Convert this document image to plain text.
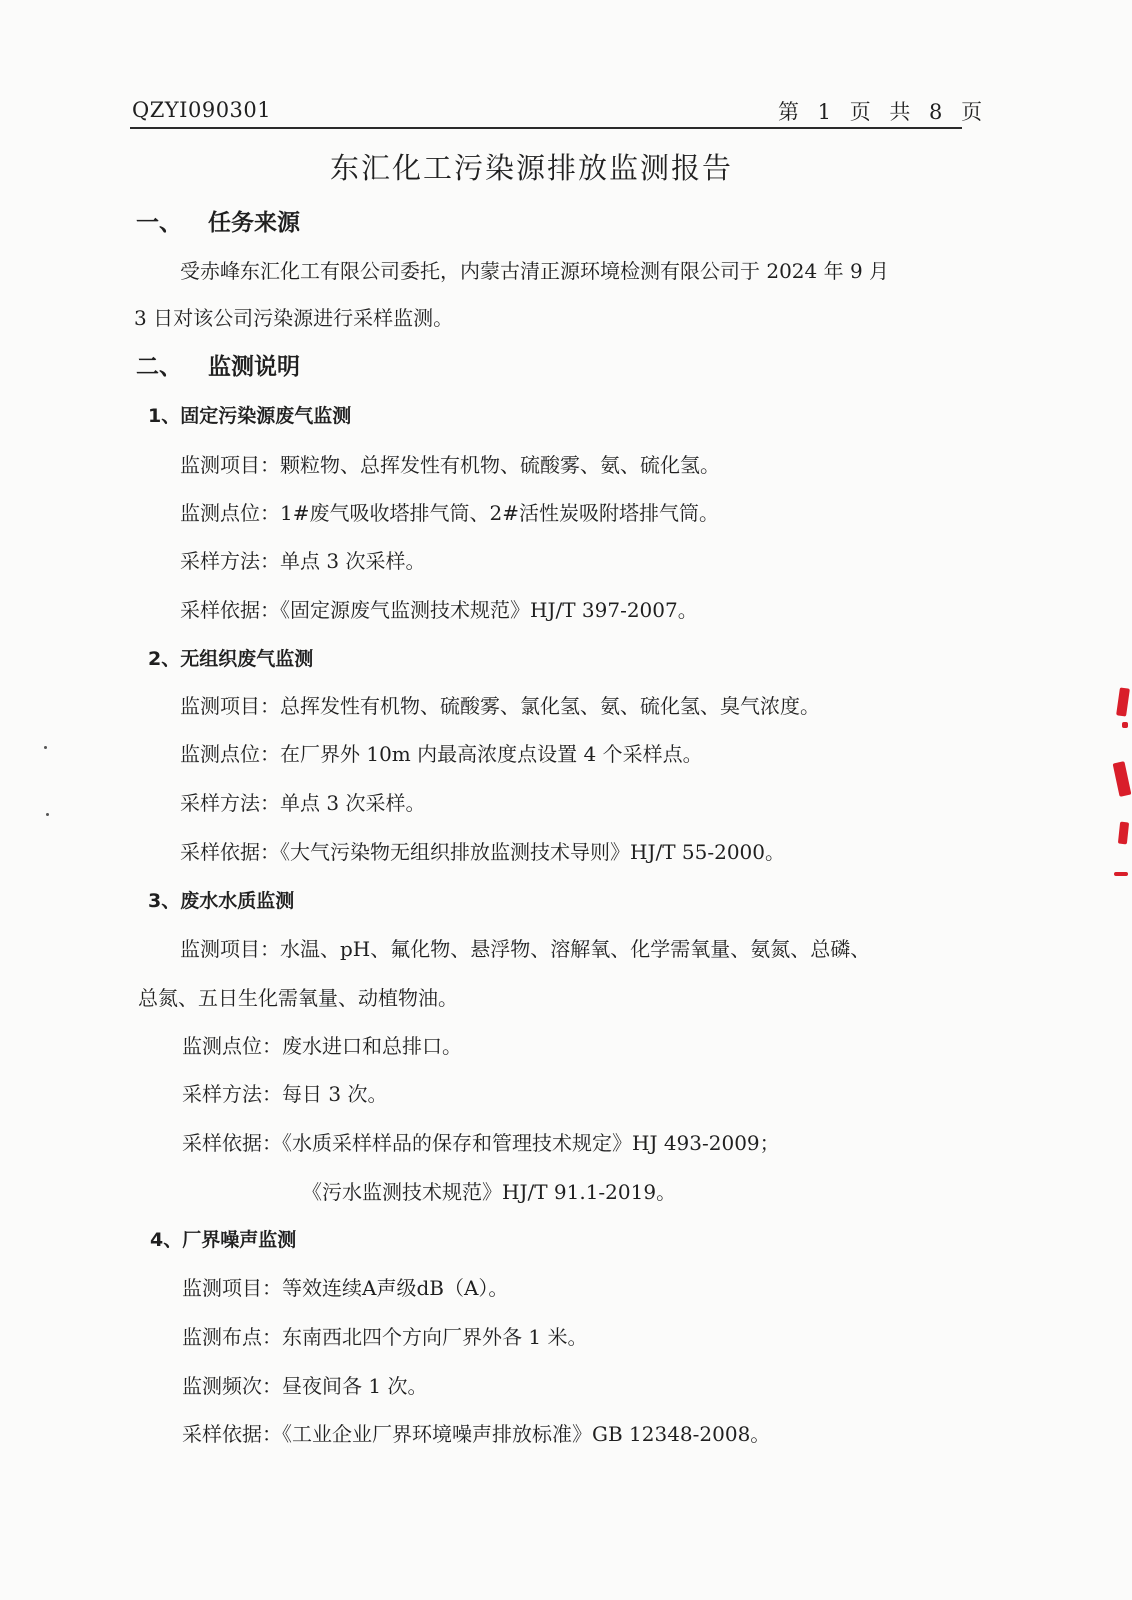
QZYI090301	第 1 页 共 8 页
东汇化工污染源排放监测报告
一、 任务来源
受赤峰东汇化工有限公司委托，内蒙古清正源环境检测有限公司于 2024 年 9 月
3 日对该公司污染源进行采样监测。
二、 监测说明
1、固定污染源废气监测
监测项目：颗粒物、总挥发性有机物、硫酸雾、氨、硫化氢。
监测点位：1#废气吸收塔排气筒、2#活性炭吸附塔排气筒。
采样方法：单点 3 次采样。
采样依据：《固定源废气监测技术规范》HJ/T 397-2007。
2、无组织废气监测
监测项目：总挥发性有机物、硫酸雾、氯化氢、氨、硫化氢、臭气浓度。
监测点位：在厂界外 10m 内最高浓度点设置 4 个采样点。
采样方法：单点 3 次采样。
采样依据：《大气污染物无组织排放监测技术导则》HJ/T 55-2000。
3、废水水质监测
监测项目：水温、pH、氟化物、悬浮物、溶解氧、化学需氧量、氨氮、总磷、
总氮、五日生化需氧量、动植物油。
监测点位：废水进口和总排口。
采样方法：每日 3 次。
采样依据：《水质采样样品的保存和管理技术规定》HJ 493-2009；
《污水监测技术规范》HJ/T 91.1-2019。
4、厂界噪声监测
监测项目：等效连续A声级dB（A）。
监测布点：东南西北四个方向厂界外各 1 米。
监测频次：昼夜间各 1 次。
采样依据：《工业企业厂界环境噪声排放标准》GB 12348-2008。
